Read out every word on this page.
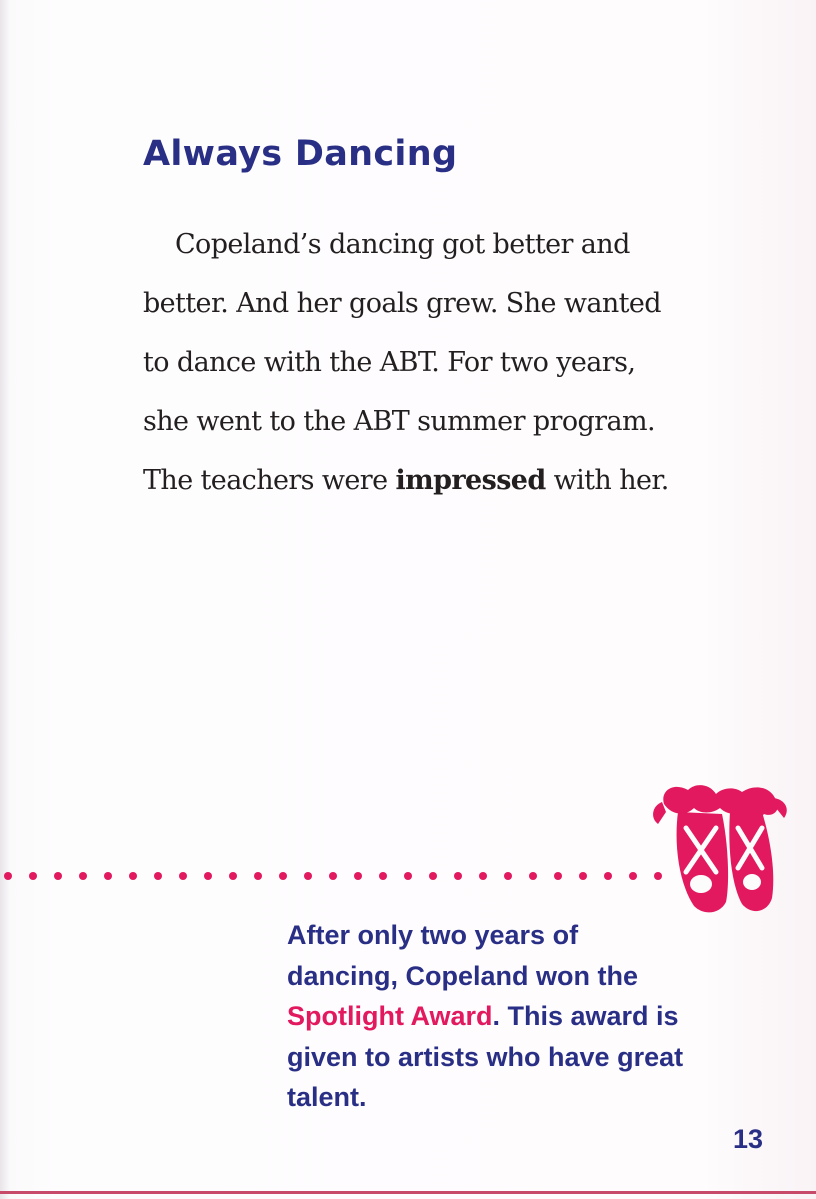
Always Dancing

Copeland’s dancing got better and
better. And her goals grew. She wanted
to dance with the ABT. For two years,
she went to the ABT summer program.
The teachers were impressed with her.

After only two years of dancing, Copeland won the Spotlight Award. This award is given to artists who have great talent.

13
